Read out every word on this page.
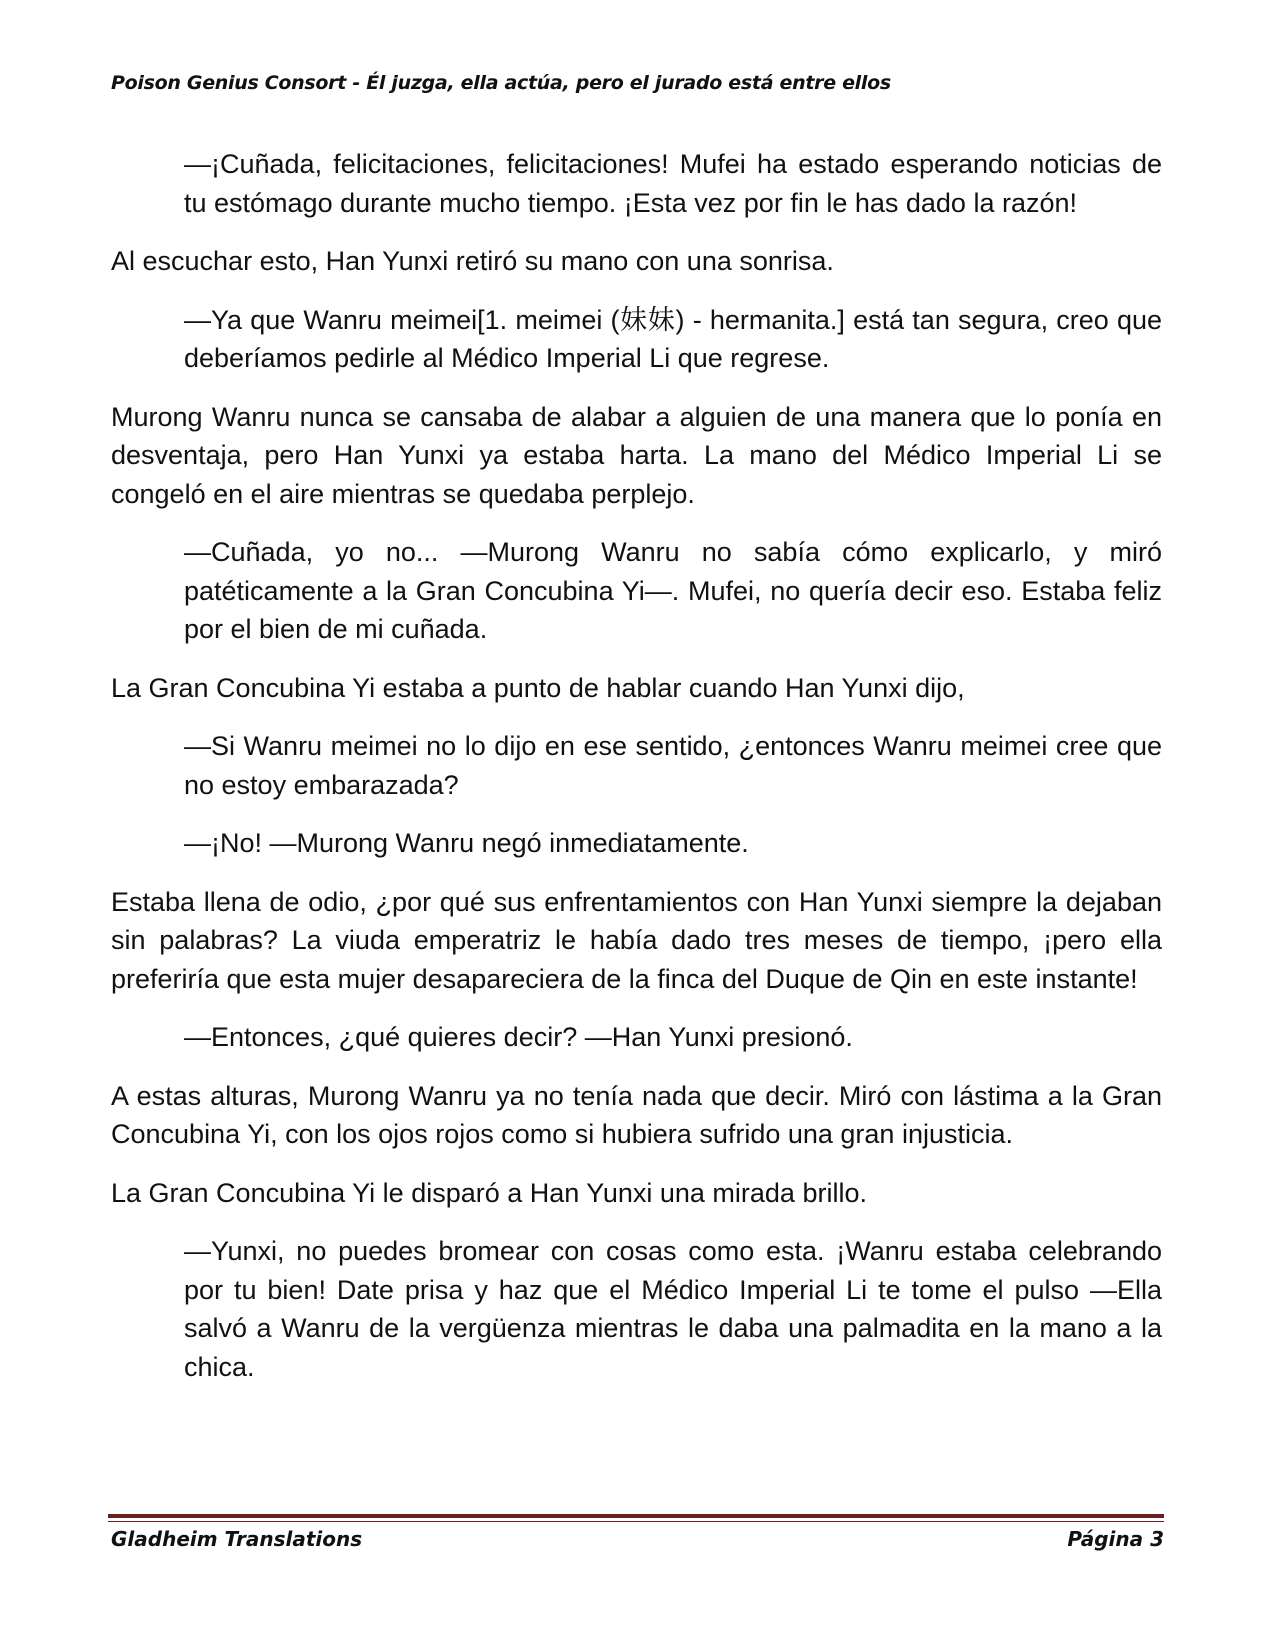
Poison Genius Consort - Él juzga, ella actúa, pero el jurado está entre ellos

—¡Cuñada, felicitaciones, felicitaciones! Mufei ha estado esperando noticias de tu estómago durante mucho tiempo. ¡Esta vez por fin le has dado la razón!

Al escuchar esto, Han Yunxi retiró su mano con una sonrisa.

—Ya que Wanru meimei[1. meimei (妹妹) - hermanita.] está tan segura, creo que deberíamos pedirle al Médico Imperial Li que regrese.

Murong Wanru nunca se cansaba de alabar a alguien de una manera que lo ponía en desventaja, pero Han Yunxi ya estaba harta. La mano del Médico Imperial Li se congeló en el aire mientras se quedaba perplejo.

—Cuñada, yo no... —Murong Wanru no sabía cómo explicarlo, y miró patéticamente a la Gran Concubina Yi—. Mufei, no quería decir eso. Estaba feliz por el bien de mi cuñada.

La Gran Concubina Yi estaba a punto de hablar cuando Han Yunxi dijo,

—Si Wanru meimei no lo dijo en ese sentido, ¿entonces Wanru meimei cree que no estoy embarazada?

—¡No! —Murong Wanru negó inmediatamente.

Estaba llena de odio, ¿por qué sus enfrentamientos con Han Yunxi siempre la dejaban sin palabras? La viuda emperatriz le había dado tres meses de tiempo, ¡pero ella preferiría que esta mujer desapareciera de la finca del Duque de Qin en este instante!

—Entonces, ¿qué quieres decir? —Han Yunxi presionó.

A estas alturas, Murong Wanru ya no tenía nada que decir. Miró con lástima a la Gran Concubina Yi, con los ojos rojos como si hubiera sufrido una gran injusticia.

La Gran Concubina Yi le disparó a Han Yunxi una mirada brillo.

—Yunxi, no puedes bromear con cosas como esta. ¡Wanru estaba celebrando por tu bien! Date prisa y haz que el Médico Imperial Li te tome el pulso —Ella salvó a Wanru de la vergüenza mientras le daba una palmadita en la mano a la chica.

Gladheim Translations	Página 3
